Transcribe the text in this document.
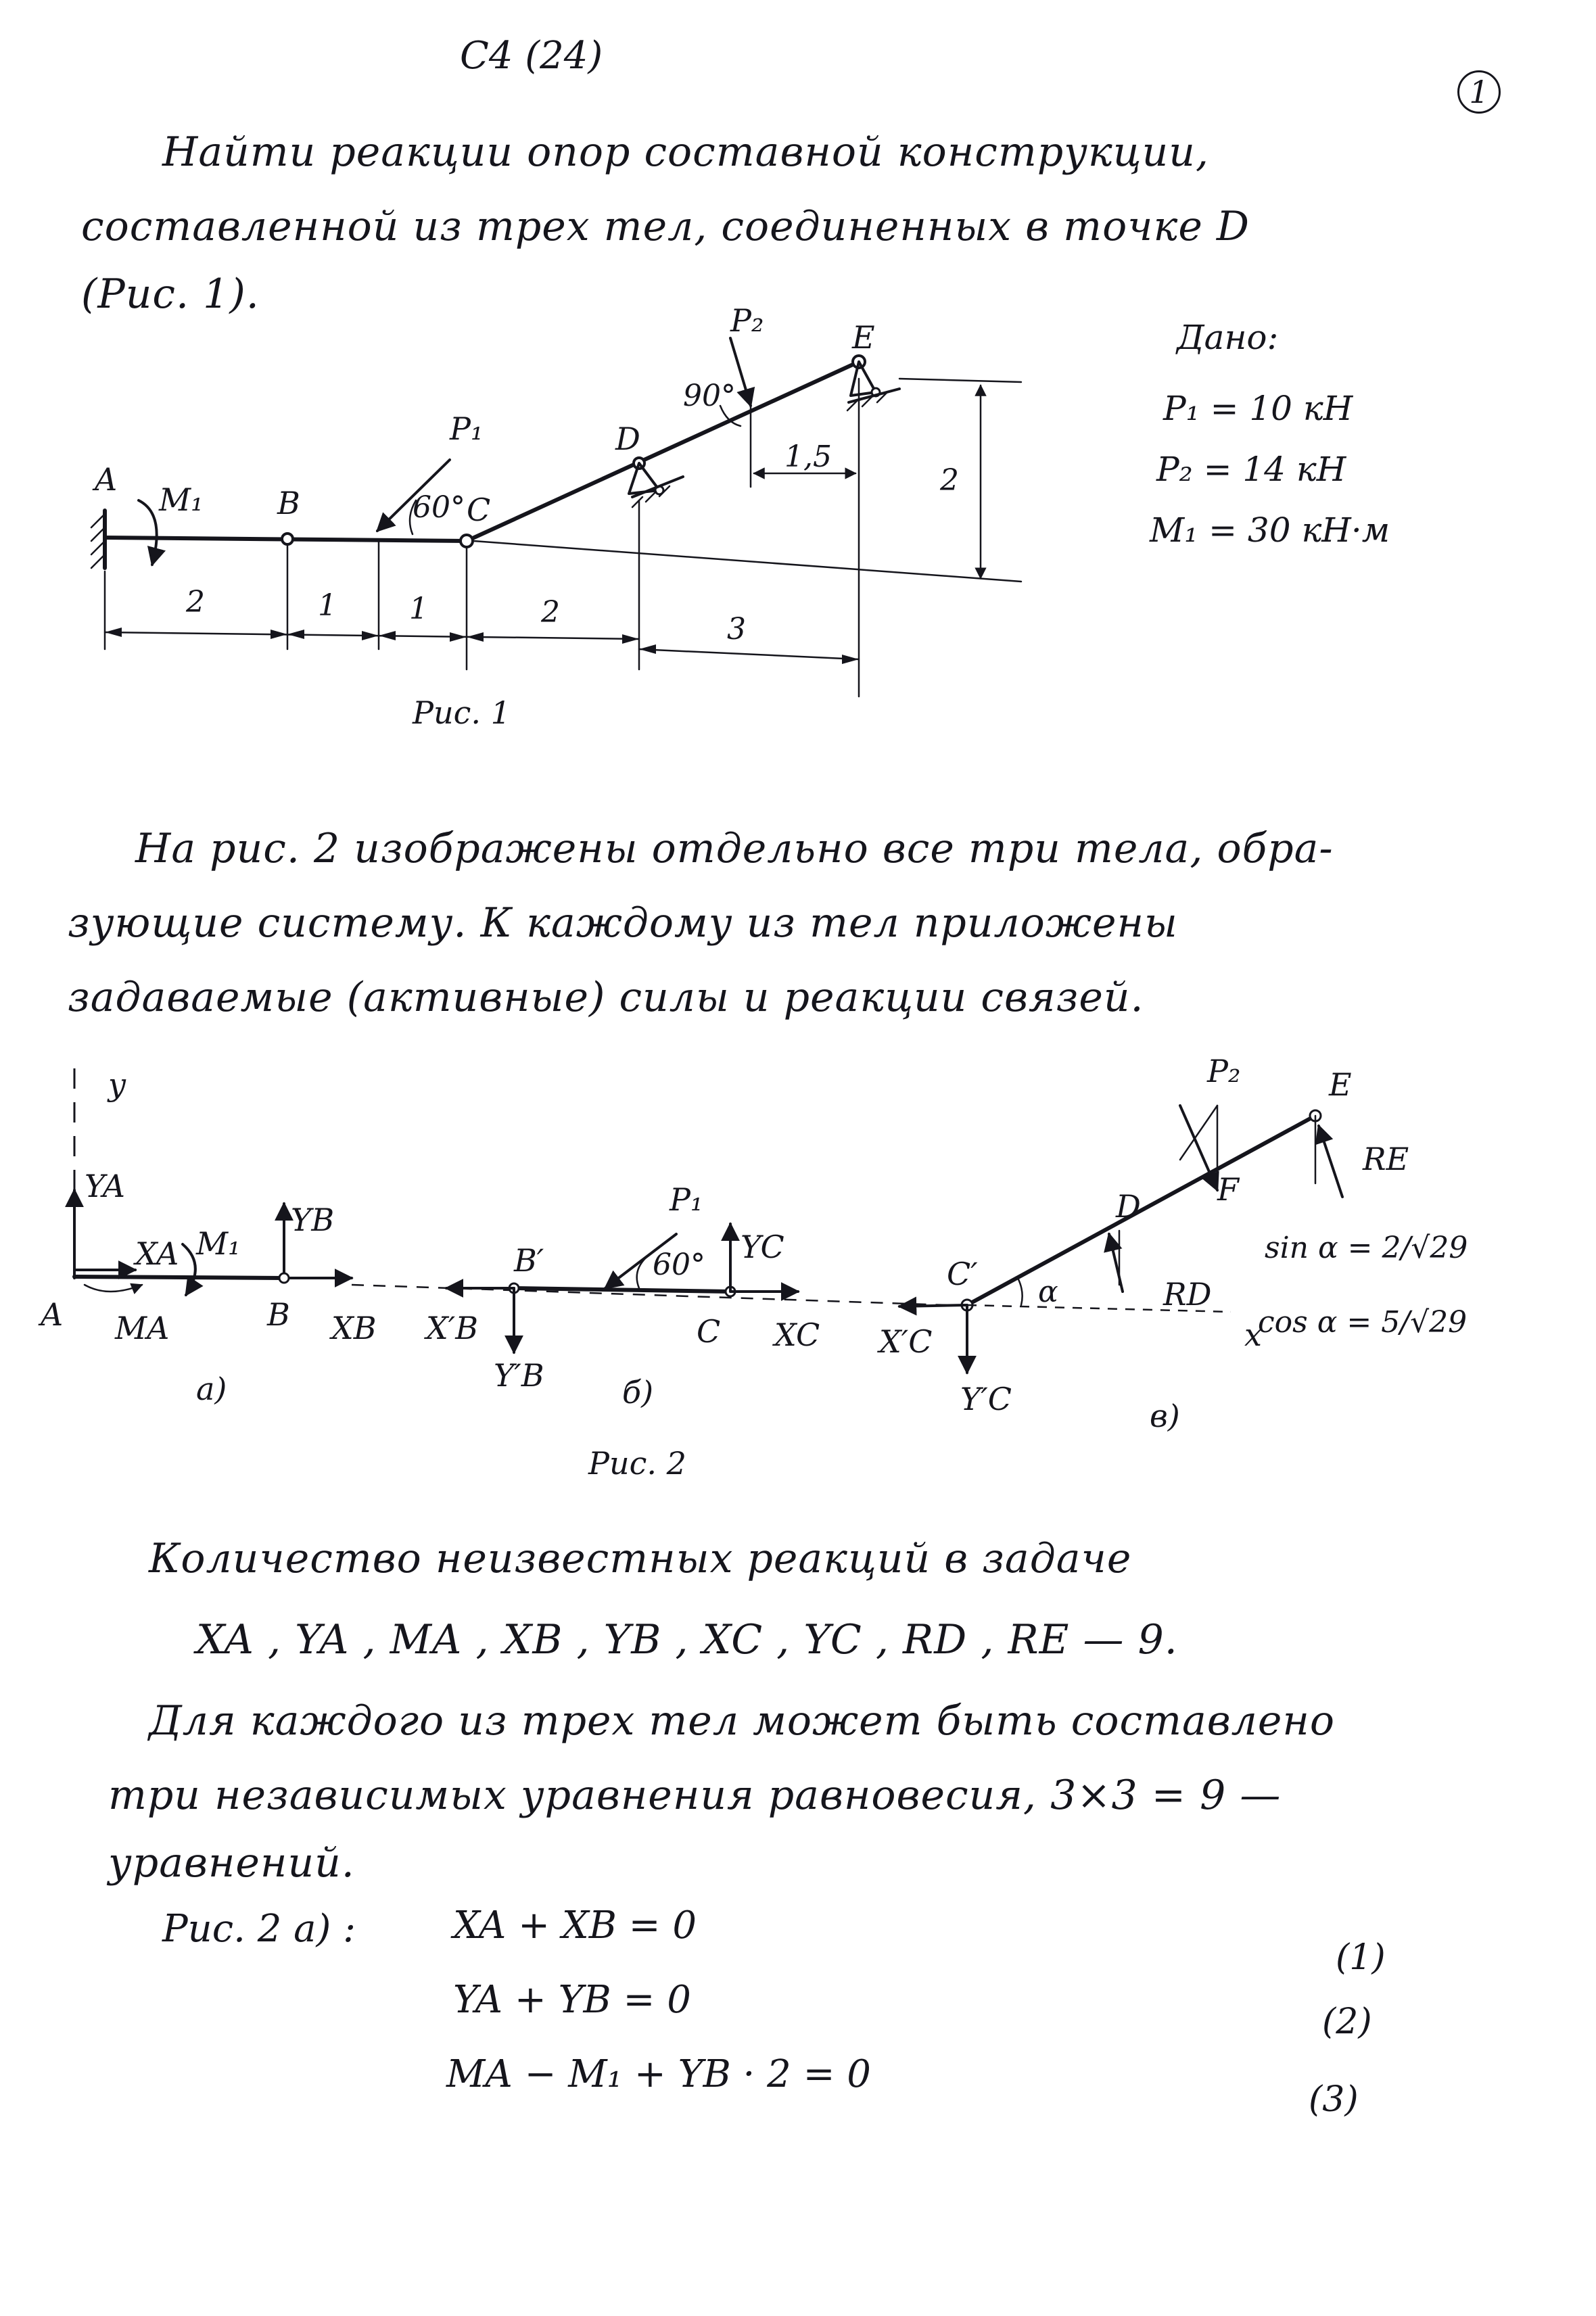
С4 (24)
1
Найти реакции опор составной конструкции,
составленной из трех тел, соединенных в точке D
(Рис. 1).
Дано:
P₁ = 10 кН
P₂ = 14 кН
M₁ = 30 кН·м
A
M₁ B
P₁
60° C
D
P₂
90°
E
1,5
2
2	1 1	2	3
Рис. 1
На рис. 2 изображены отдельно все три тела, обра-
зующие систему. К каждому из тел приложены
задаваемые (активные) силы и реакции связей.
y
YA
XA M₁
MA
A
YB
B XB
а)
B′
X′B
Y′B
P₁
60° YC
C XC
б)
C′
X′C
Y′C
α
D
RD
P₂
F
E
RE
x
sin α = 2/√29
cos α = 5/√29
в)
Рис. 2
Количество неизвестных реакций в задаче
XA , YA , MA , XB , YB , XC , YC , RD , RE — 9.
Для каждого из трех тел может быть составлено
три независимых уравнения равновесия, 3×3 = 9 —
уравнений.
Рис. 2 а) :	XA + XB = 0
(1)
YA + YB = 0	(2)
MA − M₁ + YB · 2 = 0
(3)
